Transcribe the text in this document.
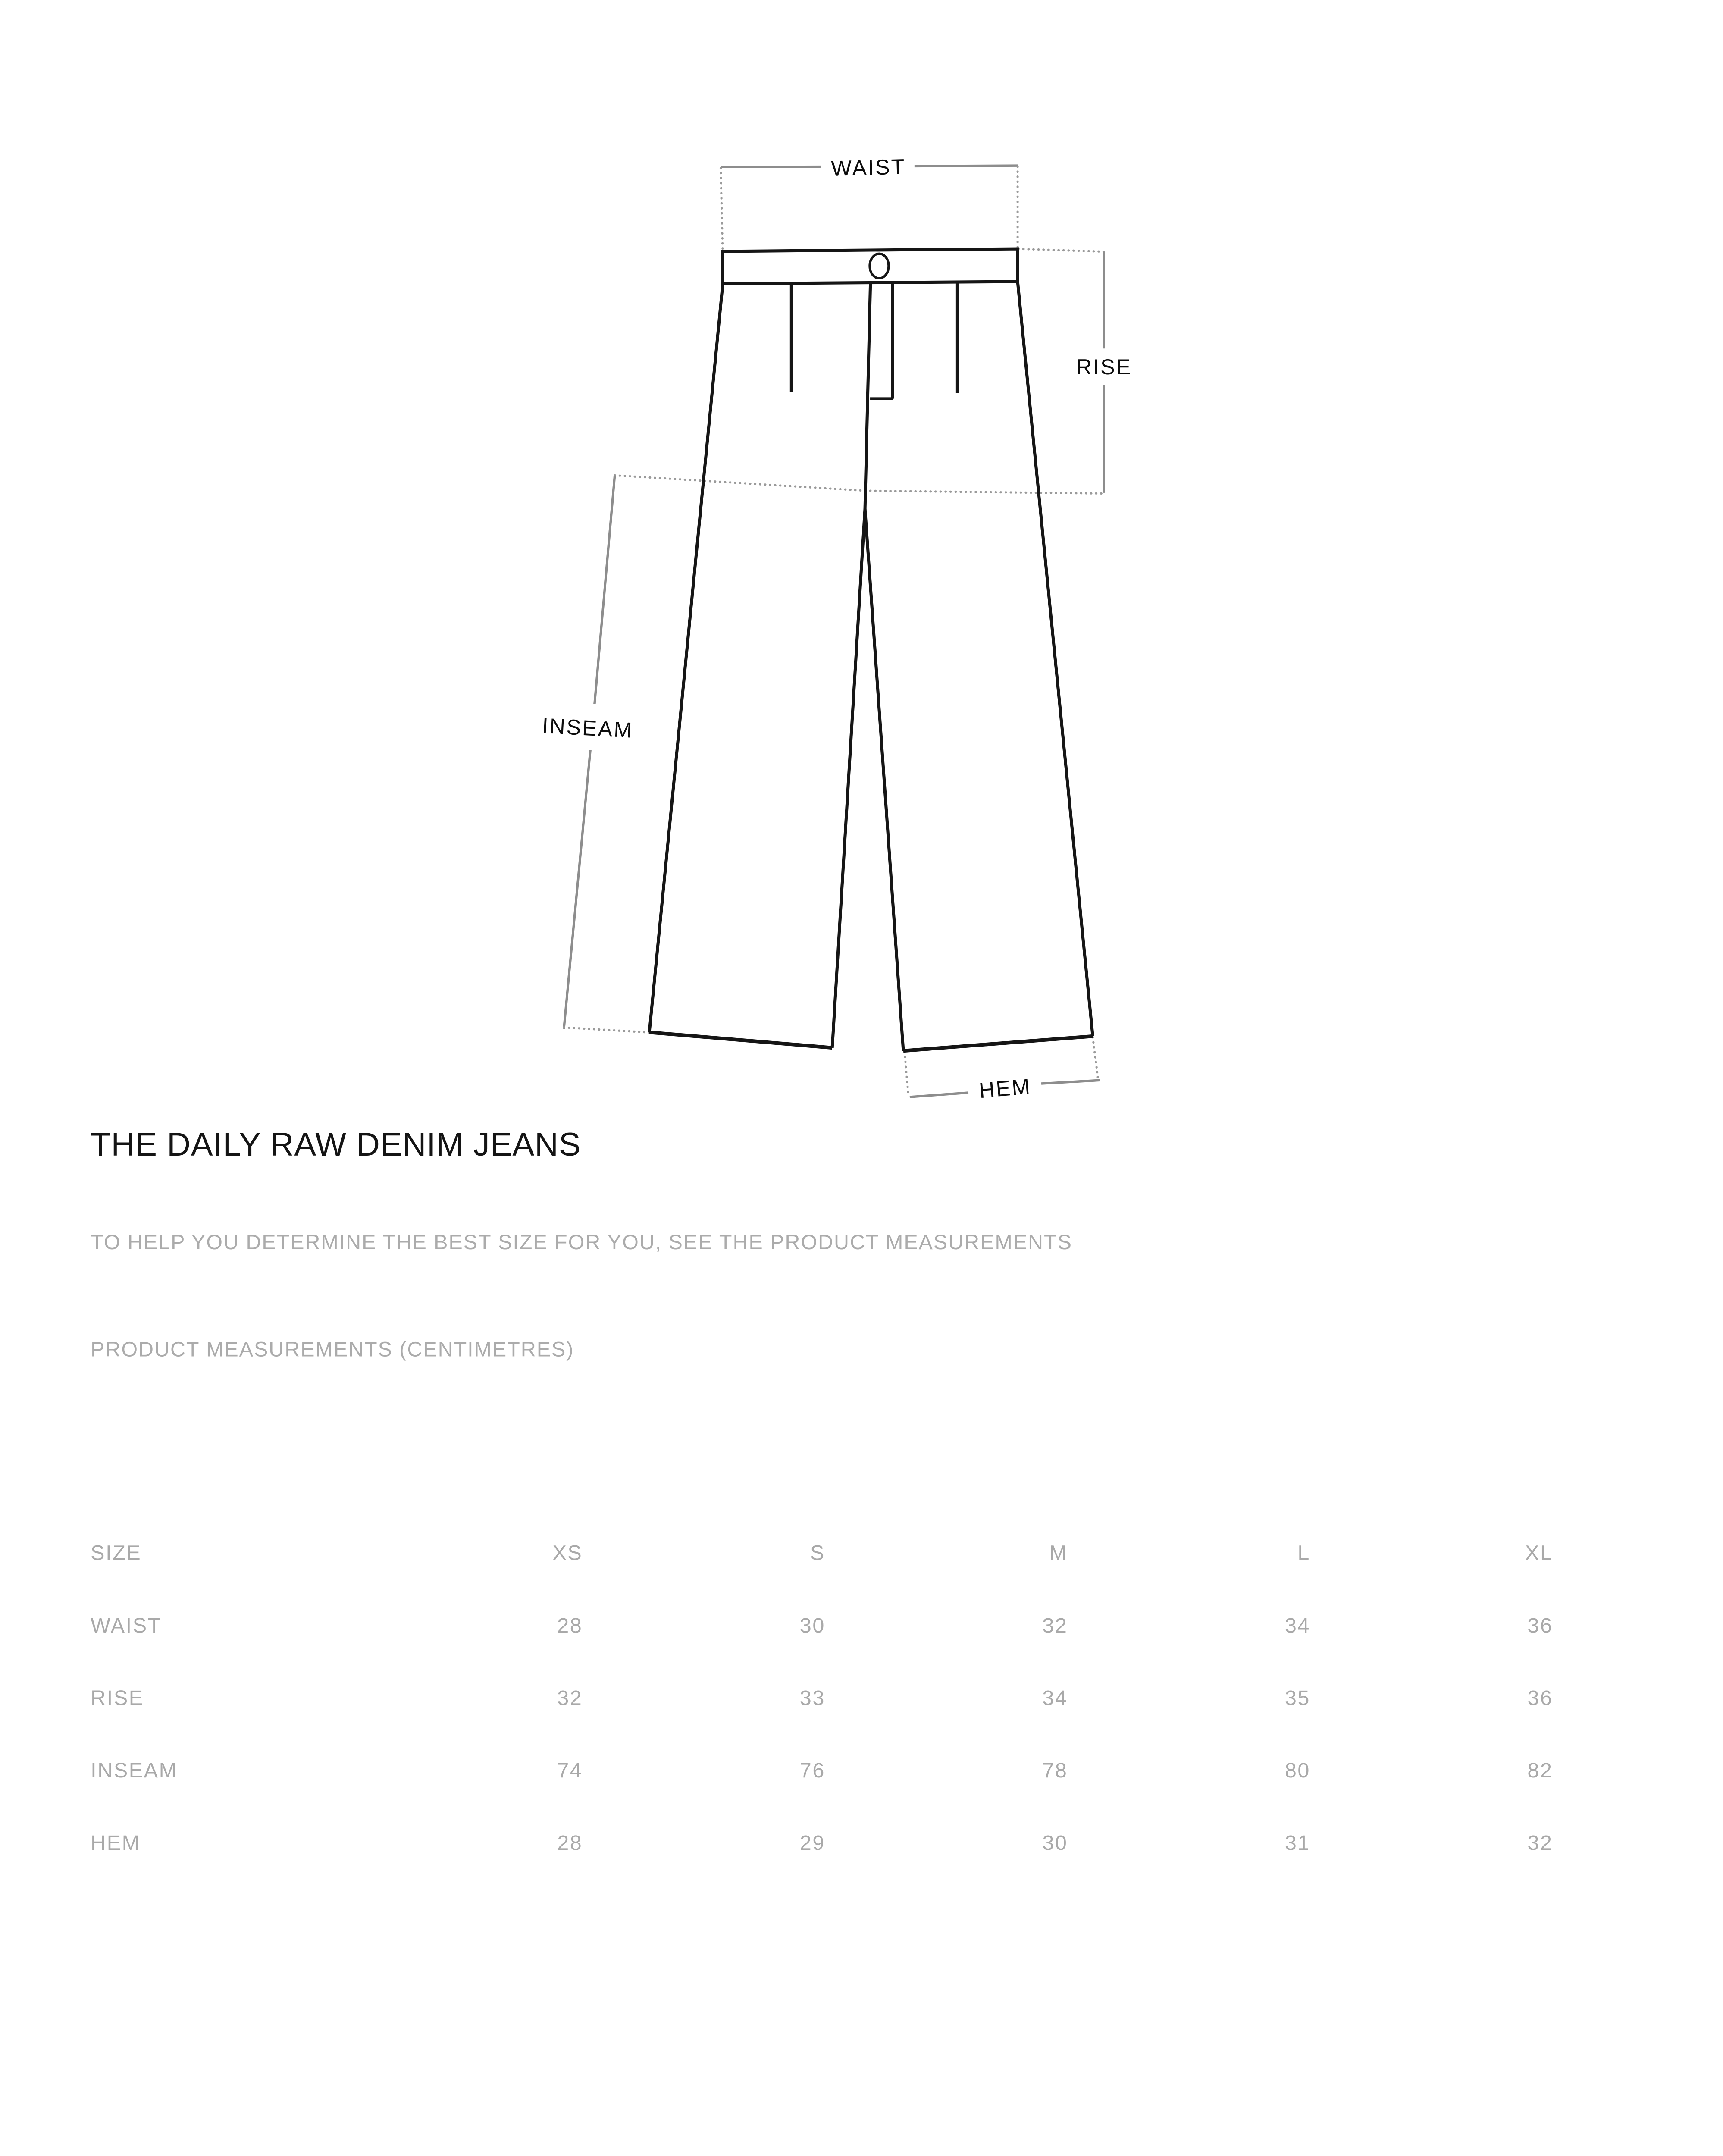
WAIST
RISE
INSEAM
HEM
THE DAILY RAW DENIM JEANS
TO HELP YOU DETERMINE THE BEST SIZE FOR YOU, SEE THE PRODUCT MEASUREMENTS
PRODUCT MEASUREMENTS (CENTIMETRES)
SIZE	XS	S	M	L	XL
WAIST	28	30	32	34	36
RISE	32	33	34	35	36
INSEAM	74	76	78	80	82
HEM	28	29	30	31	32
